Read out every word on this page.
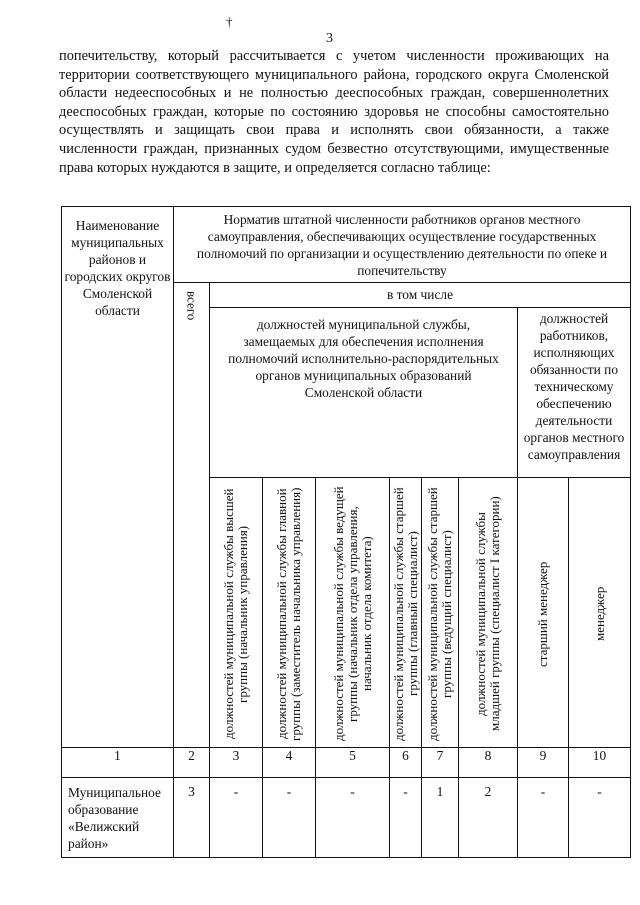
†
3
попечительству, который рассчитывается с учетом численности проживающих на территории соответствующего муниципального района, городского округа Смоленской области недееспособных и не полностью дееспособных граждан, совершеннолетних дееспособных граждан, которые по состоянию здоровья не способны самостоятельно осуществлять и защищать свои права и исполнять свои обязанности, а также численности граждан, признанных судом безвестно отсутствующими, имущественные права которых нуждаются в защите, и определяется согласно таблице:
Наименование муниципальных районов и городских округов Смоленской области	Норматив штатной численности работников органов местного самоуправления, обеспечивающих осуществление государственных полномочий по организации и осуществлению деятельности по опеке и попечительству								

	всего	в том числе							
		должностей муниципальной службы, замещаемых для обеспечения исполнения полномочий исполнительно-распорядительных органов муниципальных образований Смоленской области						должностей работников, исполняющих обязанности по техническому обеспечению деятельности органов местного самоуправления	

		должностей муниципальной службы высшей группы (начальник управления)	должностей муниципальной службы главной группы (заместитель начальника управления)	должностей муниципальной службы ведущей группы (начальник отдела управления, начальник отдела комитета)	должностей муниципальной службы старшей группы (главный специалист)	должностей муниципальной службы старшей группы (ведущий специалист)	должностей муниципальной службы младшей группы (специалист I категории)	старший менеджер	менеджер

1	2	3	4	5	6	7	8	9	10
Муниципальное образование «Велижский район»	3	-	-	-	-	1	2	-	-
